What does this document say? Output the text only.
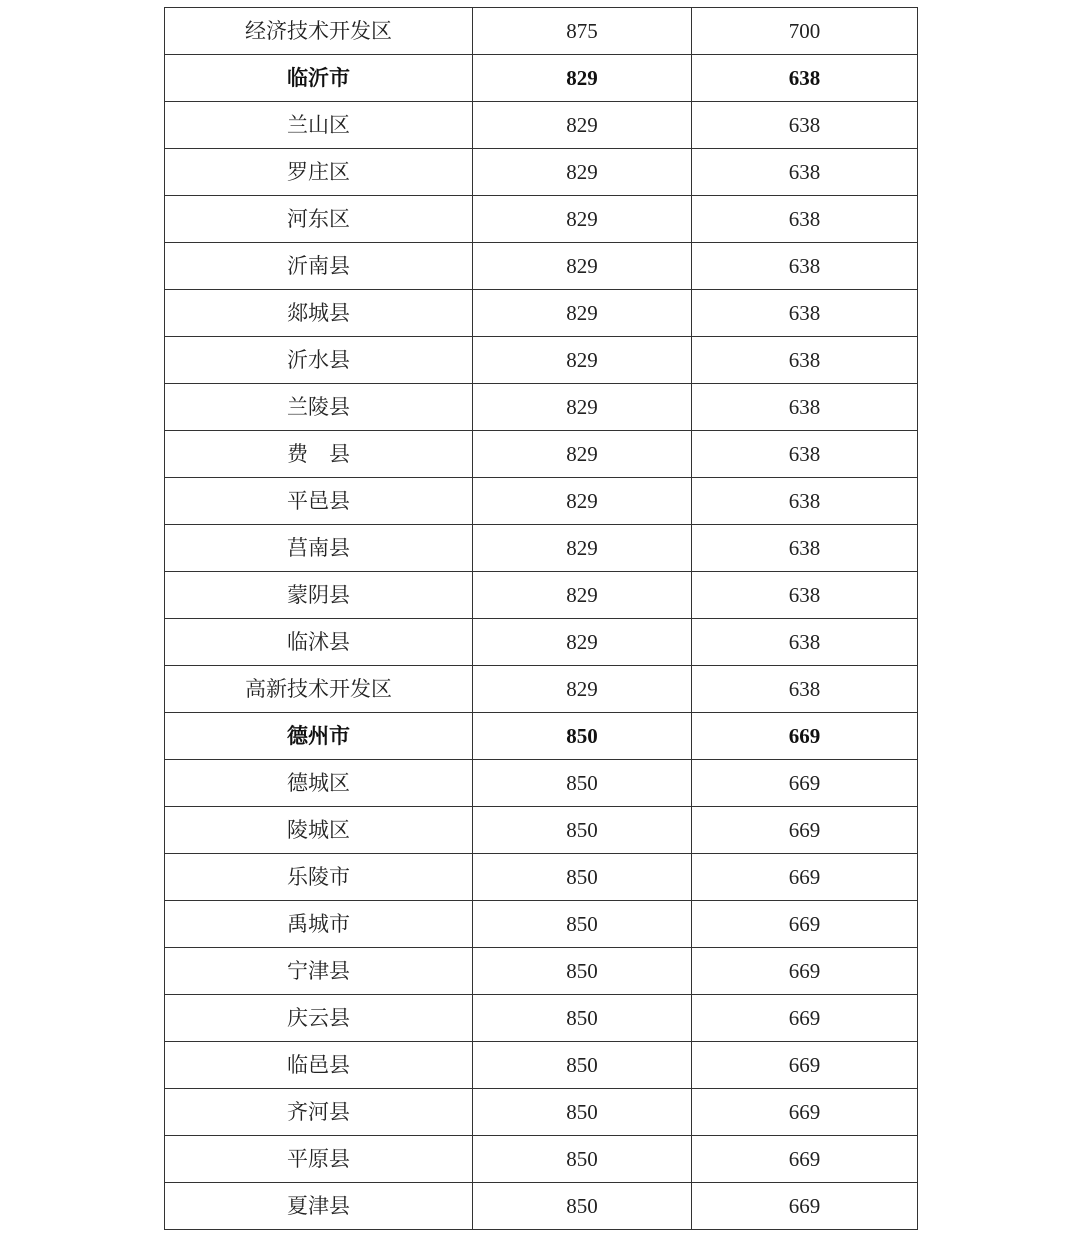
经济技术开发区	875	700
临沂市	829	638
兰山区	829	638
罗庄区	829	638
河东区	829	638
沂南县	829	638
郯城县	829	638
沂水县	829	638
兰陵县	829	638
费　县	829	638
平邑县	829	638
莒南县	829	638
蒙阴县	829	638
临沭县	829	638
高新技术开发区	829	638
德州市	850	669
德城区	850	669
陵城区	850	669
乐陵市	850	669
禹城市	850	669
宁津县	850	669
庆云县	850	669
临邑县	850	669
齐河县	850	669
平原县	850	669
夏津县	850	669
